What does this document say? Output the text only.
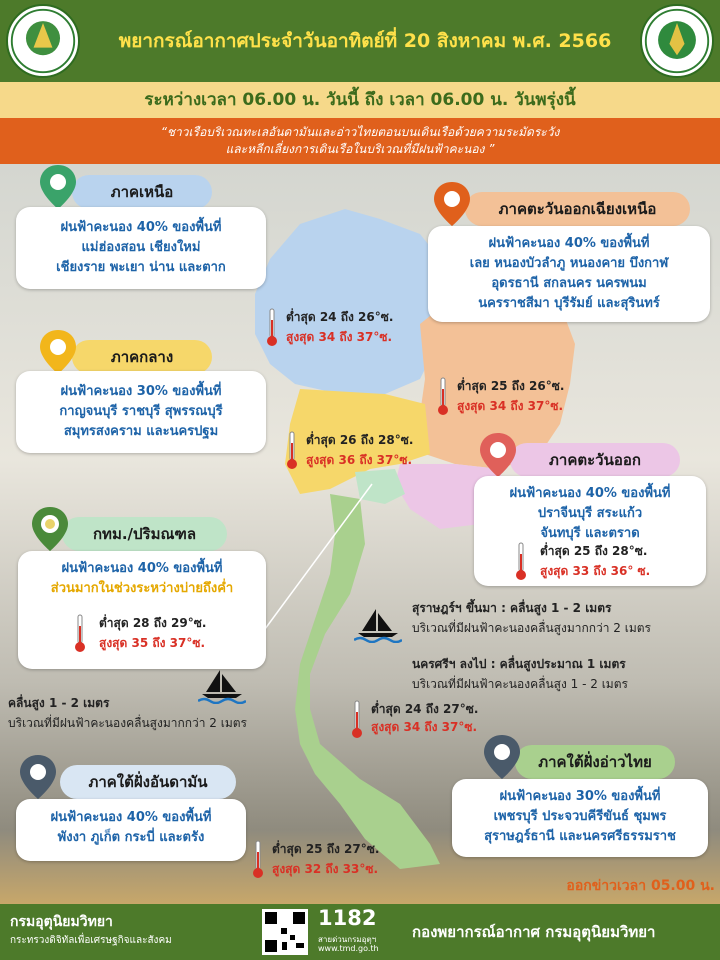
พยากรณ์อากาศประจำวันอาทิตย์ที่ 20 สิงหาคม พ.ศ. 2566
ระหว่างเวลา 06.00 น. วันนี้ ถึง เวลา 06.00 น. วันพรุ่งนี้
“ชาวเรือบริเวณทะเลอันดามันและอ่าวไทยตอนบนเดินเรือด้วยความระมัดระวัง
และหลีกเลี่ยงการเดินเรือในบริเวณที่มีฝนฟ้าคะนอง ”
ภาคเหนือ
ฝนฟ้าคะนอง 40% ของพื้นที่
แม่ฮ่องสอน เชียงใหม่
เชียงราย พะเยา น่าน และตาก
ต่ำสุด 24 ถึง 26°ซ.
สูงสุด 34 ถึง 37°ซ.
ภาคตะวันออกเฉียงเหนือ
ฝนฟ้าคะนอง 40% ของพื้นที่
เลย หนองบัวลำภู หนองคาย บึงกาฬ
อุดรธานี สกลนคร นครพนม
นครราชสีมา บุรีรัมย์ และสุรินทร์
ต่ำสุด 25 ถึง 26°ซ.
สูงสุด 34 ถึง 37°ซ.
ภาคกลาง
ฝนฟ้าคะนอง 30% ของพื้นที่
กาญจนบุรี ราชบุรี สุพรรณบุรี
สมุทรสงคราม และนครปฐม
ต่ำสุด 26 ถึง 28°ซ.
สูงสุด 36 ถึง 37°ซ.	ภาคตะวันออก
ฝนฟ้าคะนอง 40% ของพื้นที่
ปราจีนบุรี สระแก้ว
จันทบุรี และตราด
ต่ำสุด 25 ถึง 28°ซ.
สูงสุด 33 ถึง 36° ซ.
กทม./ปริมณฑล
ฝนฟ้าคะนอง 40% ของพื้นที่
ส่วนมากในช่วงระหว่างบ่ายถึงค่ำ
ต่ำสุด 28 ถึง 29°ซ.
สูงสุด 35 ถึง 37°ซ.
สุราษฎร์ฯ ขึ้นมา : คลื่นสูง 1 - 2 เมตร
บริเวณที่มีฝนฟ้าคะนองคลื่นสูงมากกว่า 2 เมตร
นครศรีฯ ลงไป : คลื่นสูงประมาณ 1 เมตร
บริเวณที่มีฝนฟ้าคะนองคลื่นสูง 1 - 2 เมตร
คลื่นสูง 1 - 2 เมตร
บริเวณที่มีฝนฟ้าคะนองคลื่นสูงมากกว่า 2 เมตร
ต่ำสุด 24 ถึง 27°ซ.
สูงสุด 34 ถึง 37°ซ.
ภาคใต้ฝั่งอ่าวไทย
ฝนฟ้าคะนอง 30% ของพื้นที่
เพชรบุรี ประจวบคีรีขันธ์ ชุมพร
สุราษฎร์ธานี และนครศรีธรรมราช
ภาคใต้ฝั่งอันดามัน
ฝนฟ้าคะนอง 40% ของพื้นที่
พังงา ภูเก็ต กระบี่ และตรัง
ต่ำสุด 25 ถึง 27°ซ.
สูงสุด 32 ถึง 33°ซ.
ออกข่าวเวลา 05.00 น.
กรมอุตุนิยมวิทยา
กระทรวงดิจิทัลเพื่อเศรษฐกิจและสังคม
1182
สายด่วนกรมอุตุฯ
www.tmd.go.th
กองพยากรณ์อากาศ กรมอุตุนิยมวิทยา
